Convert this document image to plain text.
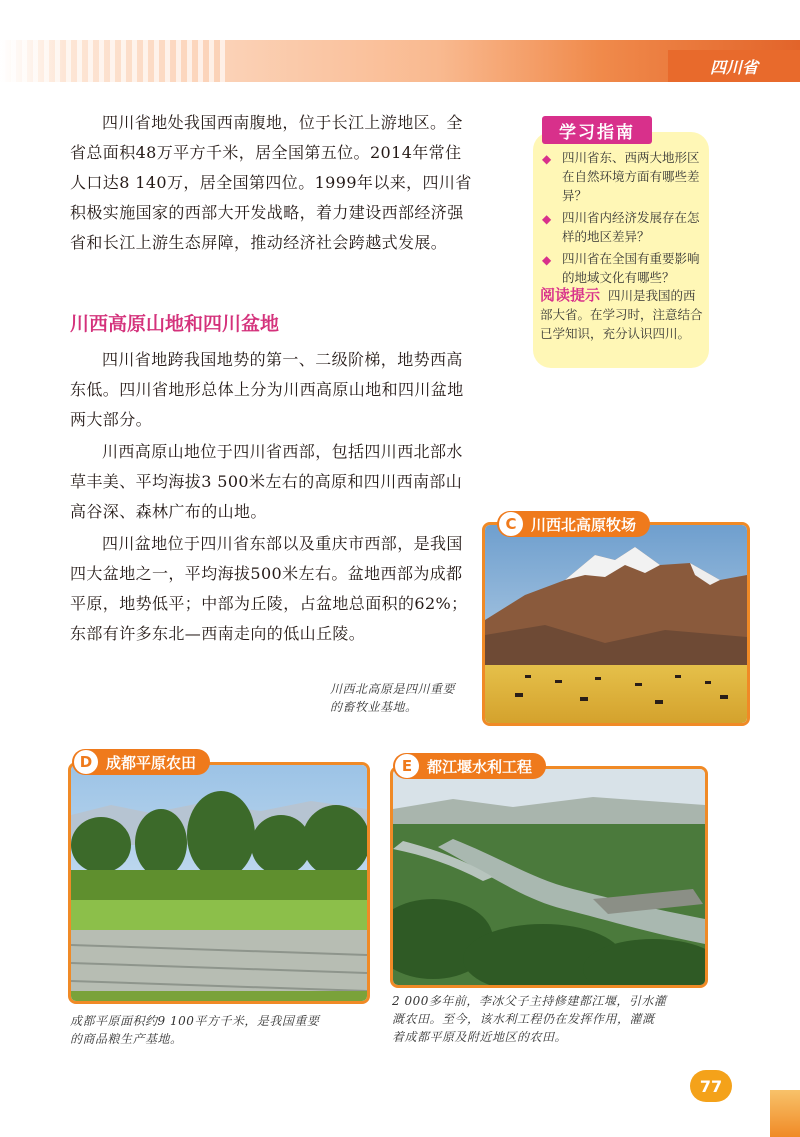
四川省

四川省地处我国西南腹地，位于长江上游地区。全省总面积48万平方千米，居全国第五位。2014年常住人口达8 140万，居全国第四位。1999年以来，四川省积极实施国家的西部大开发战略，着力建设西部经济强省和长江上游生态屏障，推动经济社会跨越式发展。

川西高原山地和四川盆地

四川省地跨我国地势的第一、二级阶梯，地势西高东低。四川省地形总体上分为川西高原山地和四川盆地两大部分。

川西高原山地位于四川省西部，包括四川西北部水草丰美、平均海拔3 500米左右的高原和四川西南部山高谷深、森林广布的山地。

四川盆地位于四川省东部以及重庆市西部，是我国四大盆地之一，平均海拔500米左右。盆地西部为成都平原，地势低平；中部为丘陵，占盆地总面积的62%；东部有许多东北—西南走向的低山丘陵。

学习指南
◆ 四川省东、西两大地形区在自然环境方面有哪些差异？
◆ 四川省内经济发展存在怎样的地区差异？
◆ 四川省在全国有重要影响的地域文化有哪些？
阅读提示 四川是我国的西部大省。在学习时，注意结合已学知识，充分认识四川。
C 川西北高原牧场
川西北高原是四川重要
的畜牧业基地。
D 成都平原农田
成都平原面积约9 100平方千米，是我国重要
的商品粮生产基地。
E 都江堰水利工程
2 000多年前，李冰父子主持修建都江堰，引水灌
溉农田。至今，该水利工程仍在发挥作用，灌溉
着成都平原及附近地区的农田。
77
